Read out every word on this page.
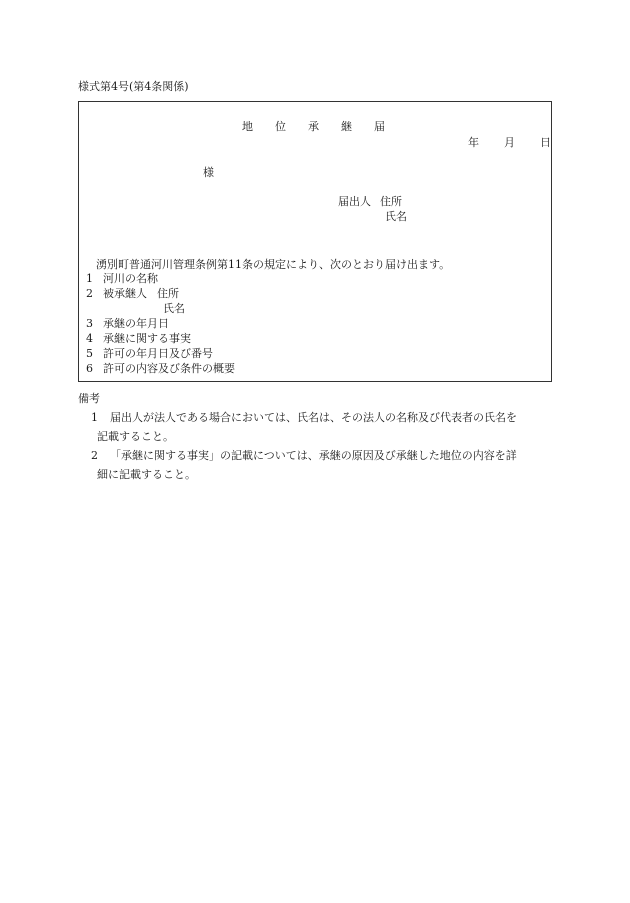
様式第4号(第4条関係)
地位承継届
年 月 日
様
届出人 住所
氏名
湧別町普通河川管理条例第11条の規定により、次のとおり届け出ます。
1 河川の名称
2 被承継人 住所
氏名
3 承継の年月日
4 承継に関する事実
5 許可の年月日及び番号
6 許可の内容及び条件の概要
備考
1 届出人が法人である場合においては、氏名は、その法人の名称及び代表者の氏名を
記載すること。
2 「承継に関する事実」の記載については、承継の原因及び承継した地位の内容を詳
細に記載すること。
